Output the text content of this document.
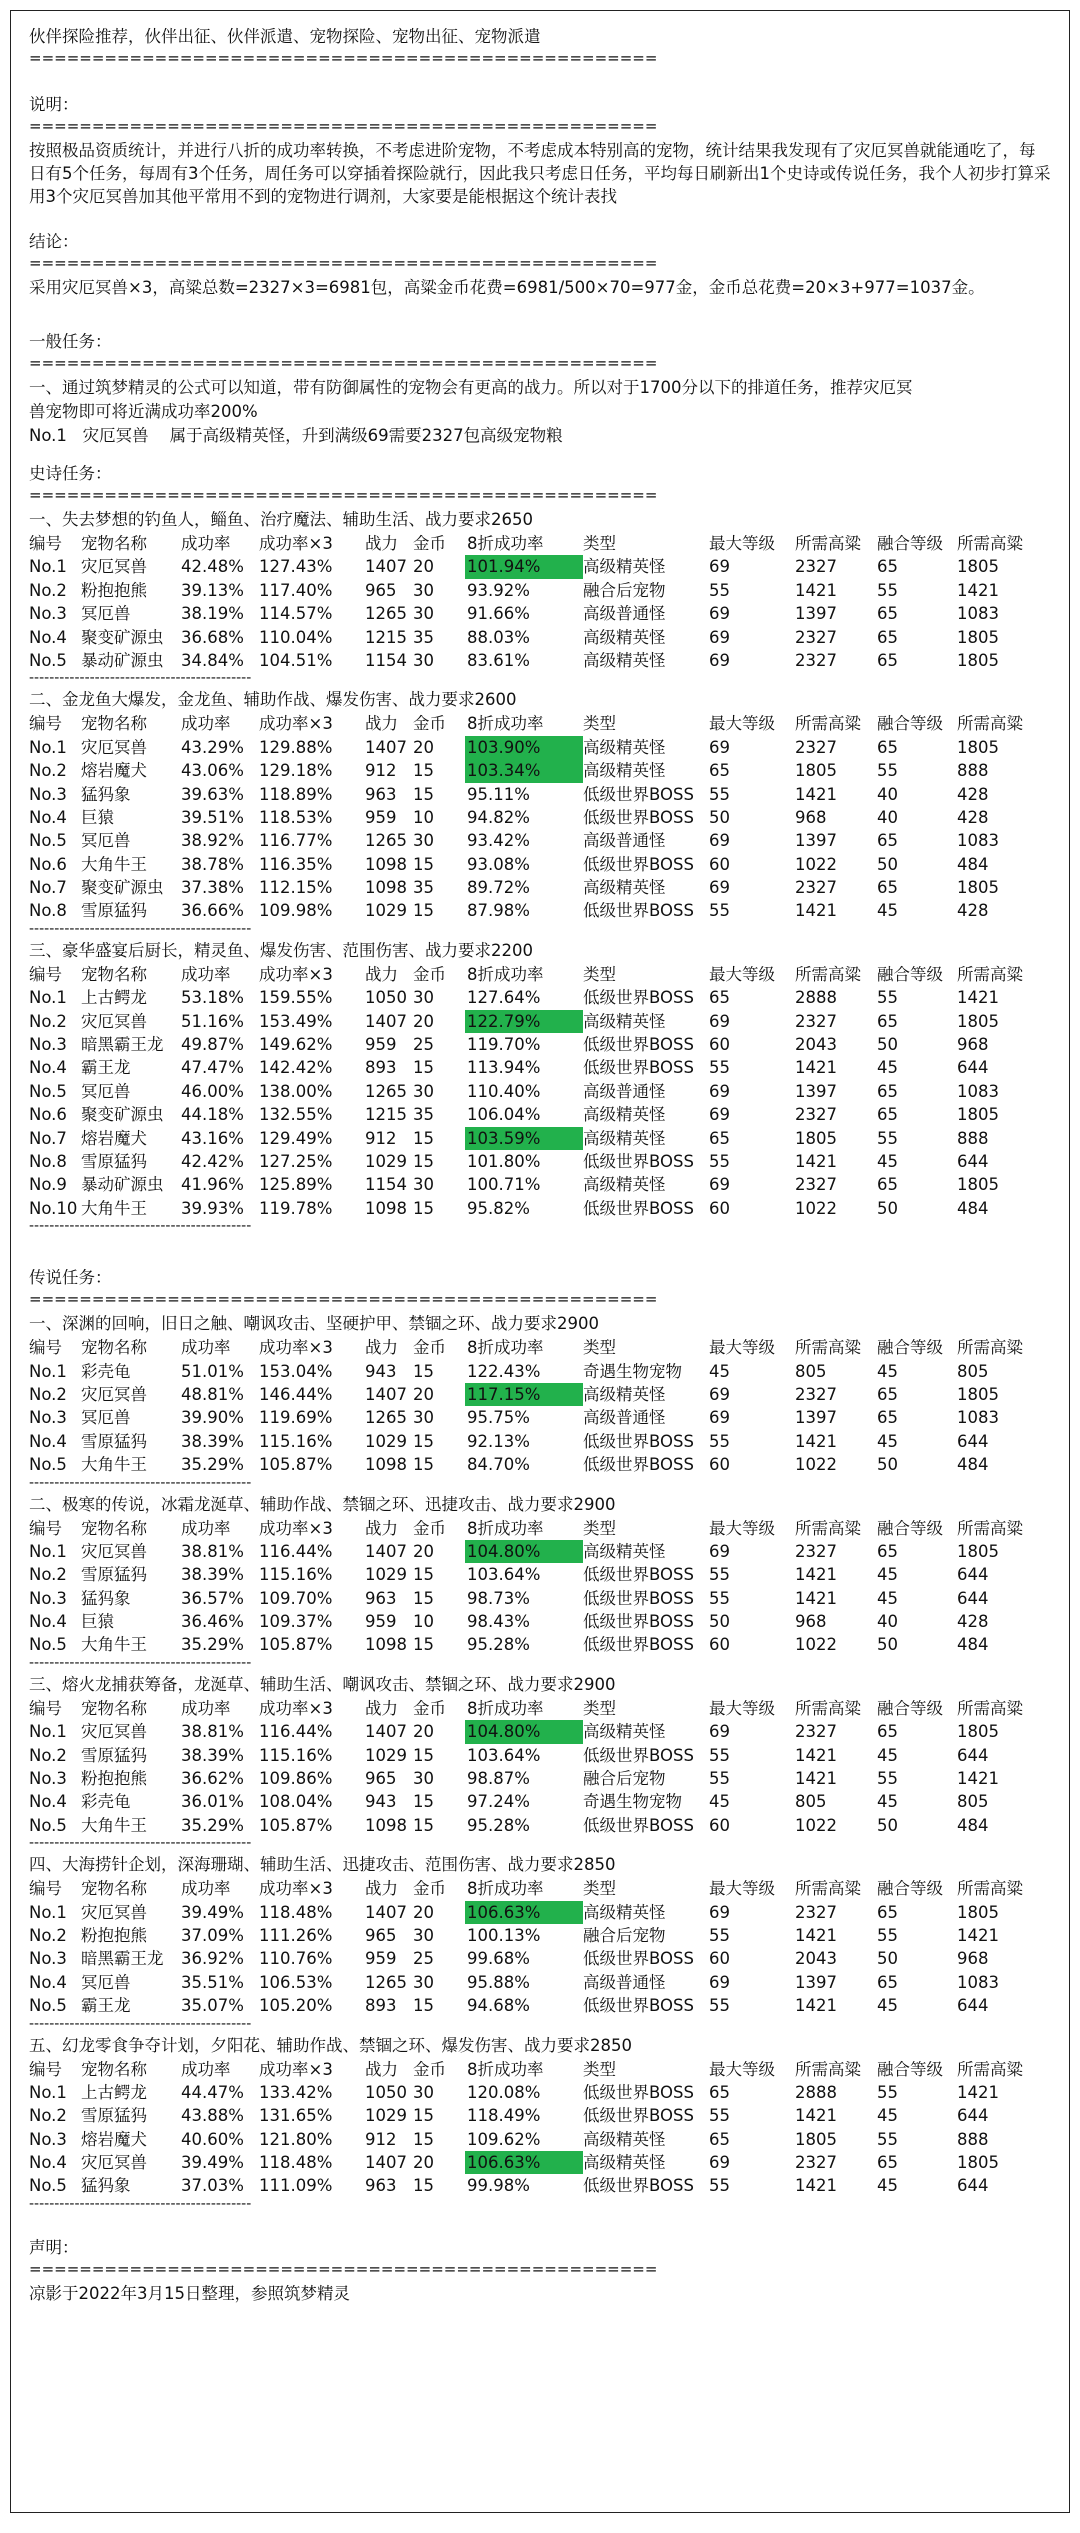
伙伴探险推荐，伙伴出征、伙伴派遣、宠物探险、宠物出征、宠物派遣
==================================================
说明：
==================================================
按照极品资质统计，并进行八折的成功率转换，不考虑进阶宠物，不考虑成本特别高的宠物，统计结果我发现有了灾厄冥兽就能通吃了，每日有5个任务，每周有3个任务，周任务可以穿插着探险就行，因此我只考虑日任务，平均每日刷新出1个史诗或传说任务，我个人初步打算采用3个灾厄冥兽加其他平常用不到的宠物进行调剂，大家要是能根据这个统计表找
结论：
==================================================
采用灾厄冥兽×3，高粱总数=2327×3=6981包，高粱金币花费=6981/500×70=977金，金币总花费=20×3+977=1037金。
一般任务：
==================================================
一、通过筑梦精灵的公式可以知道，带有防御属性的宠物会有更高的战力。所以对于1700分以下的排道任务，推荐灾厄冥
兽宠物即可将近满成功率200%
No.1   灾厄冥兽    属于高级精英怪，升到满级69需要2327包高级宠物粮
史诗任务：
==================================================
一、失去梦想的钓鱼人，鲻鱼、治疗魔法、辅助生活、战力要求2650
编号	宠物名称	成功率	成功率×3	战力 金币	8折成功率	类型	最大等级	所需高粱 融合等级 所需高粱
No.1 灾厄冥兽	42.48% 127.43%	1407 20	101.94%	高级精英怪	69	2327	65	1805
No.2 粉抱抱熊	39.13% 117.40%	965	30	93.92%	融合后宠物	55	1421	55	1421
No.3 冥厄兽	38.19% 114.57%	1265 30	91.66%	高级普通怪	69	1397	65	1083
No.4 聚变矿源虫	36.68% 110.04%	1215 35	88.03%	高级精英怪	69	2327	65	1805
No.5 暴动矿源虫	34.84% 104.51%	1154 30	83.61%	高级精英怪	69	2327	65	1805
--------------------------------------------
二、金龙鱼大爆发，金龙鱼、辅助作战、爆发伤害、战力要求2600
编号	宠物名称	成功率	成功率×3	战力 金币	8折成功率	类型	最大等级	所需高粱 融合等级 所需高粱
No.1 灾厄冥兽	43.29% 129.88%	1407 20	103.90%	高级精英怪	69	2327	65	1805
No.2 熔岩魔犬	43.06% 129.18%	912	15	103.34%	高级精英怪	65	1805	55	888
No.3 猛犸象	39.63% 118.89%	963	15	95.11%	低级世界BOSS 55	1421	40	428
No.4 巨猿	39.51% 118.53%	959	10	94.82%	低级世界BOSS 50	968	40	428
No.5 冥厄兽	38.92% 116.77%	1265 30	93.42%	高级普通怪	69	1397	65	1083
No.6 大角牛王	38.78% 116.35%	1098 15	93.08%	低级世界BOSS 60	1022	50	484
No.7 聚变矿源虫	37.38% 112.15%	1098 35	89.72%	高级精英怪	69	2327	65	1805
No.8 雪原猛犸	36.66% 109.98%	1029 15	87.98%	低级世界BOSS 55	1421	45	428
--------------------------------------------
三、豪华盛宴后厨长，精灵鱼、爆发伤害、范围伤害、战力要求2200
编号	宠物名称	成功率	成功率×3	战力 金币	8折成功率	类型	最大等级	所需高粱 融合等级 所需高粱
No.1 上古鳄龙	53.18% 159.55%	1050 30	127.64%	低级世界BOSS 65	2888	55	1421
No.2 灾厄冥兽	51.16% 153.49%	1407 20	122.79%	高级精英怪	69	2327	65	1805
No.3 暗黑霸王龙	49.87% 149.62%	959	25	119.70%	低级世界BOSS 60	2043	50	968
No.4 霸王龙	47.47% 142.42%	893	15	113.94%	低级世界BOSS 55	1421	45	644
No.5 冥厄兽	46.00% 138.00%	1265 30	110.40%	高级普通怪	69	1397	65	1083
No.6 聚变矿源虫	44.18% 132.55%	1215 35	106.04%	高级精英怪	69	2327	65	1805
No.7 熔岩魔犬	43.16% 129.49%	912	15	103.59%	高级精英怪	65	1805	55	888
No.8 雪原猛犸	42.42% 127.25%	1029 15	101.80%	低级世界BOSS 55	1421	45	644
No.9 暴动矿源虫	41.96% 125.89%	1154 30	100.71%	高级精英怪	69	2327	65	1805
No.10 大角牛王	39.93% 119.78%	1098 15	95.82%	低级世界BOSS 60	1022	50	484
--------------------------------------------
传说任务：
==================================================
一、深渊的回响，旧日之触、嘲讽攻击、坚硬护甲、禁锢之环、战力要求2900
编号	宠物名称	成功率	成功率×3	战力 金币	8折成功率	类型	最大等级	所需高粱 融合等级 所需高粱
No.1 彩壳龟	51.01% 153.04%	943	15	122.43%	奇遇生物宠物	45	805	45	805
No.2 灾厄冥兽	48.81% 146.44%	1407 20	117.15%	高级精英怪	69	2327	65	1805
No.3 冥厄兽	39.90% 119.69%	1265 30	95.75%	高级普通怪	69	1397	65	1083
No.4 雪原猛犸	38.39% 115.16%	1029 15	92.13%	低级世界BOSS 55	1421	45	644
No.5 大角牛王	35.29% 105.87%	1098 15	84.70%	低级世界BOSS 60	1022	50	484
--------------------------------------------
二、极寒的传说，冰霜龙涎草、辅助作战、禁锢之环、迅捷攻击、战力要求2900
编号	宠物名称	成功率	成功率×3	战力 金币	8折成功率	类型	最大等级	所需高粱 融合等级 所需高粱
No.1 灾厄冥兽	38.81% 116.44%	1407 20	104.80%	高级精英怪	69	2327	65	1805
No.2 雪原猛犸	38.39% 115.16%	1029 15	103.64%	低级世界BOSS 55	1421	45	644
No.3 猛犸象	36.57% 109.70%	963	15	98.73%	低级世界BOSS 55	1421	45	644
No.4 巨猿	36.46% 109.37%	959	10	98.43%	低级世界BOSS 50	968	40	428
No.5 大角牛王	35.29% 105.87%	1098 15	95.28%	低级世界BOSS 60	1022	50	484
--------------------------------------------
三、熔火龙捕获筹备，龙涎草、辅助生活、嘲讽攻击、禁锢之环、战力要求2900
编号	宠物名称	成功率	成功率×3	战力 金币	8折成功率	类型	最大等级	所需高粱 融合等级 所需高粱
No.1 灾厄冥兽	38.81% 116.44%	1407 20	104.80%	高级精英怪	69	2327	65	1805
No.2 雪原猛犸	38.39% 115.16%	1029 15	103.64%	低级世界BOSS 55	1421	45	644
No.3 粉抱抱熊	36.62% 109.86%	965	30	98.87%	融合后宠物	55	1421	55	1421
No.4 彩壳龟	36.01% 108.04%	943	15	97.24%	奇遇生物宠物	45	805	45	805
No.5 大角牛王	35.29% 105.87%	1098 15	95.28%	低级世界BOSS 60	1022	50	484
--------------------------------------------
四、大海捞针企划，深海珊瑚、辅助生活、迅捷攻击、范围伤害、战力要求2850
编号	宠物名称	成功率	成功率×3	战力 金币	8折成功率	类型	最大等级	所需高粱 融合等级 所需高粱
No.1 灾厄冥兽	39.49% 118.48%	1407 20	106.63%	高级精英怪	69	2327	65	1805
No.2 粉抱抱熊	37.09% 111.26%	965	30	100.13%	融合后宠物	55	1421	55	1421
No.3 暗黑霸王龙	36.92% 110.76%	959	25	99.68%	低级世界BOSS 60	2043	50	968
No.4 冥厄兽	35.51% 106.53%	1265 30	95.88%	高级普通怪	69	1397	65	1083
No.5 霸王龙	35.07% 105.20%	893	15	94.68%	低级世界BOSS 55	1421	45	644
--------------------------------------------
五、幻龙零食争夺计划，夕阳花、辅助作战、禁锢之环、爆发伤害、战力要求2850
编号	宠物名称	成功率	成功率×3	战力 金币	8折成功率	类型	最大等级	所需高粱 融合等级 所需高粱
No.1 上古鳄龙	44.47% 133.42%	1050 30	120.08%	低级世界BOSS 65	2888	55	1421
No.2 雪原猛犸	43.88% 131.65%	1029 15	118.49%	低级世界BOSS 55	1421	45	644
No.3 熔岩魔犬	40.60% 121.80%	912	15	109.62%	高级精英怪	65	1805	55	888
No.4 灾厄冥兽	39.49% 118.48%	1407 20	106.63%	高级精英怪	69	2327	65	1805
No.5 猛犸象	37.03% 111.09%	963	15	99.98%	低级世界BOSS 55	1421	45	644
--------------------------------------------
声明：
==================================================
凉影于2022年3月15日整理，参照筑梦精灵
